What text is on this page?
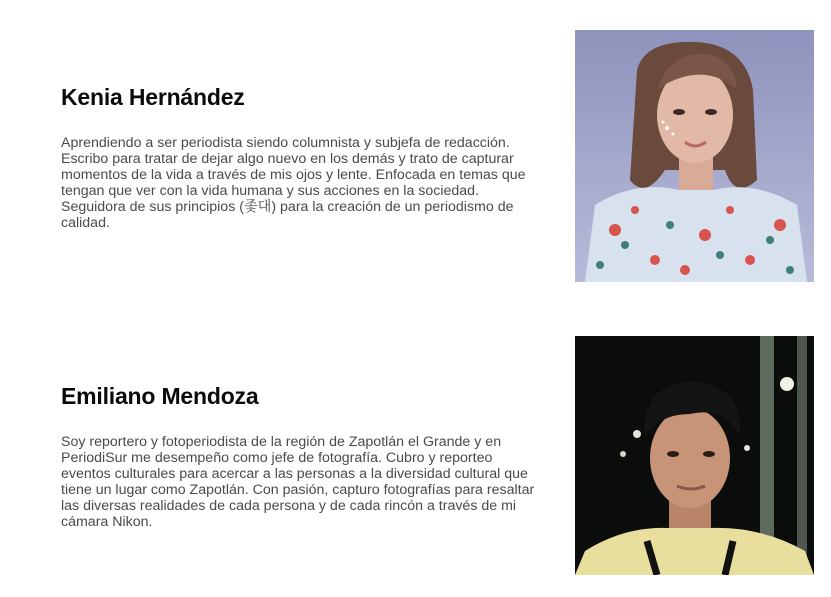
Kenia Hernández

Aprendiendo a ser periodista siendo columnista y subjefa de redacción. Escribo para tratar de dejar algo nuevo en los demás y trato de capturar momentos de la vida a través de mis ojos y lente. Enfocada en temas que tengan que ver con la vida humana y sus acciones en la sociedad. Seguidora de sus principios (좇대) para la creación de un periodismo de calidad.

Emiliano Mendoza

Soy reportero y fotoperiodista de la región de Zapotlán el Grande y en PeriodiSur me desempeño como jefe de fotografía. Cubro y reporteo eventos culturales para acercar a las personas a la diversidad cultural que tiene un lugar como Zapotlán. Con pasión, capturo fotografías para resaltar las diversas realidades de cada persona y de cada rincón a través de mi cámara Nikon.
